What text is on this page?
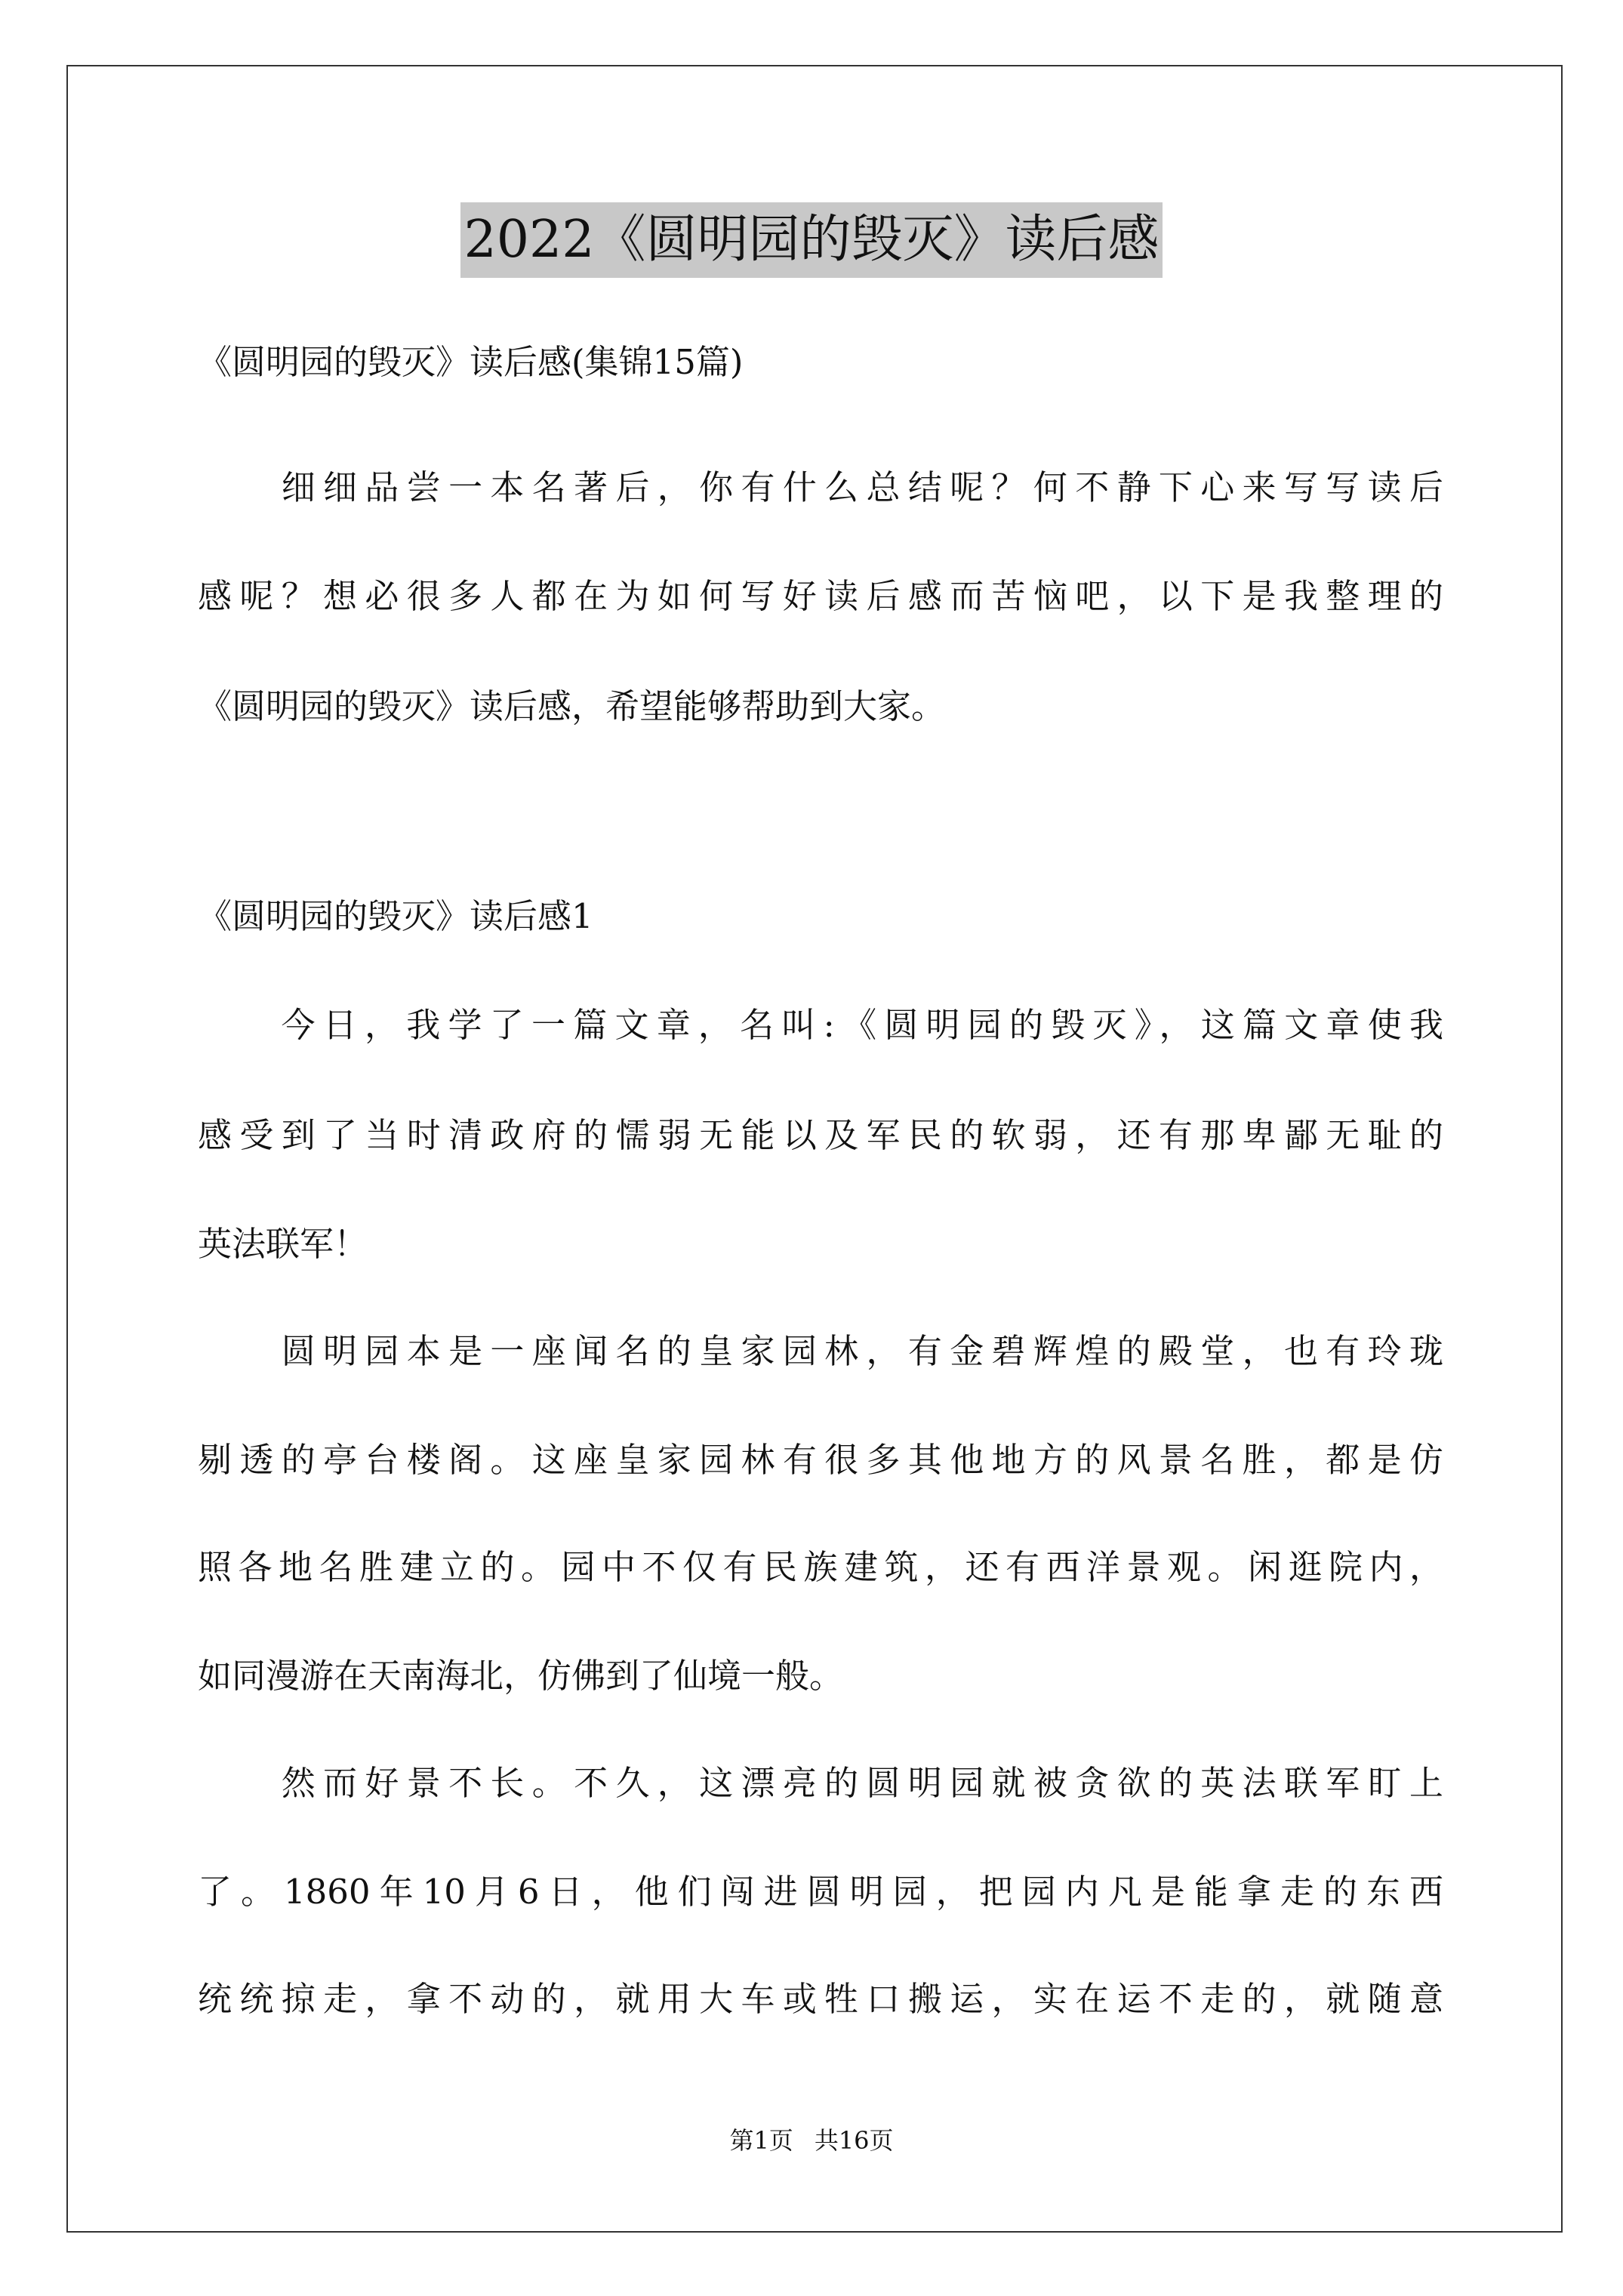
2022《圆明园的毁灭》读后感
《圆明园的毁灭》读后感(集锦15篇)
　　细细品尝一本名著后，你有什么总结呢？何不静下心来写写读后
感呢？想必很多人都在为如何写好读后感而苦恼吧，以下是我整理的
《圆明园的毁灭》读后感，希望能够帮助到大家。
《圆明园的毁灭》读后感1
　　今日，我学了一篇文章，名叫:《圆明园的毁灭》，这篇文章使我
感受到了当时清政府的懦弱无能以及军民的软弱，还有那卑鄙无耻的
英法联军！
　　圆明园本是一座闻名的皇家园林，有金碧辉煌的殿堂，也有玲珑
剔透的亭台楼阁。这座皇家园林有很多其他地方的风景名胜，都是仿
照各地名胜建立的。园中不仅有民族建筑，还有西洋景观。闲逛院内，
如同漫游在天南海北，仿佛到了仙境一般。
　　然而好景不长。不久，这漂亮的圆明园就被贪欲的英法联军盯上
了。1860年10月6日，他们闯进圆明园，把园内凡是能拿走的东西
统统掠走，拿不动的，就用大车或牲口搬运，实在运不走的，就随意
第1页 共16页
